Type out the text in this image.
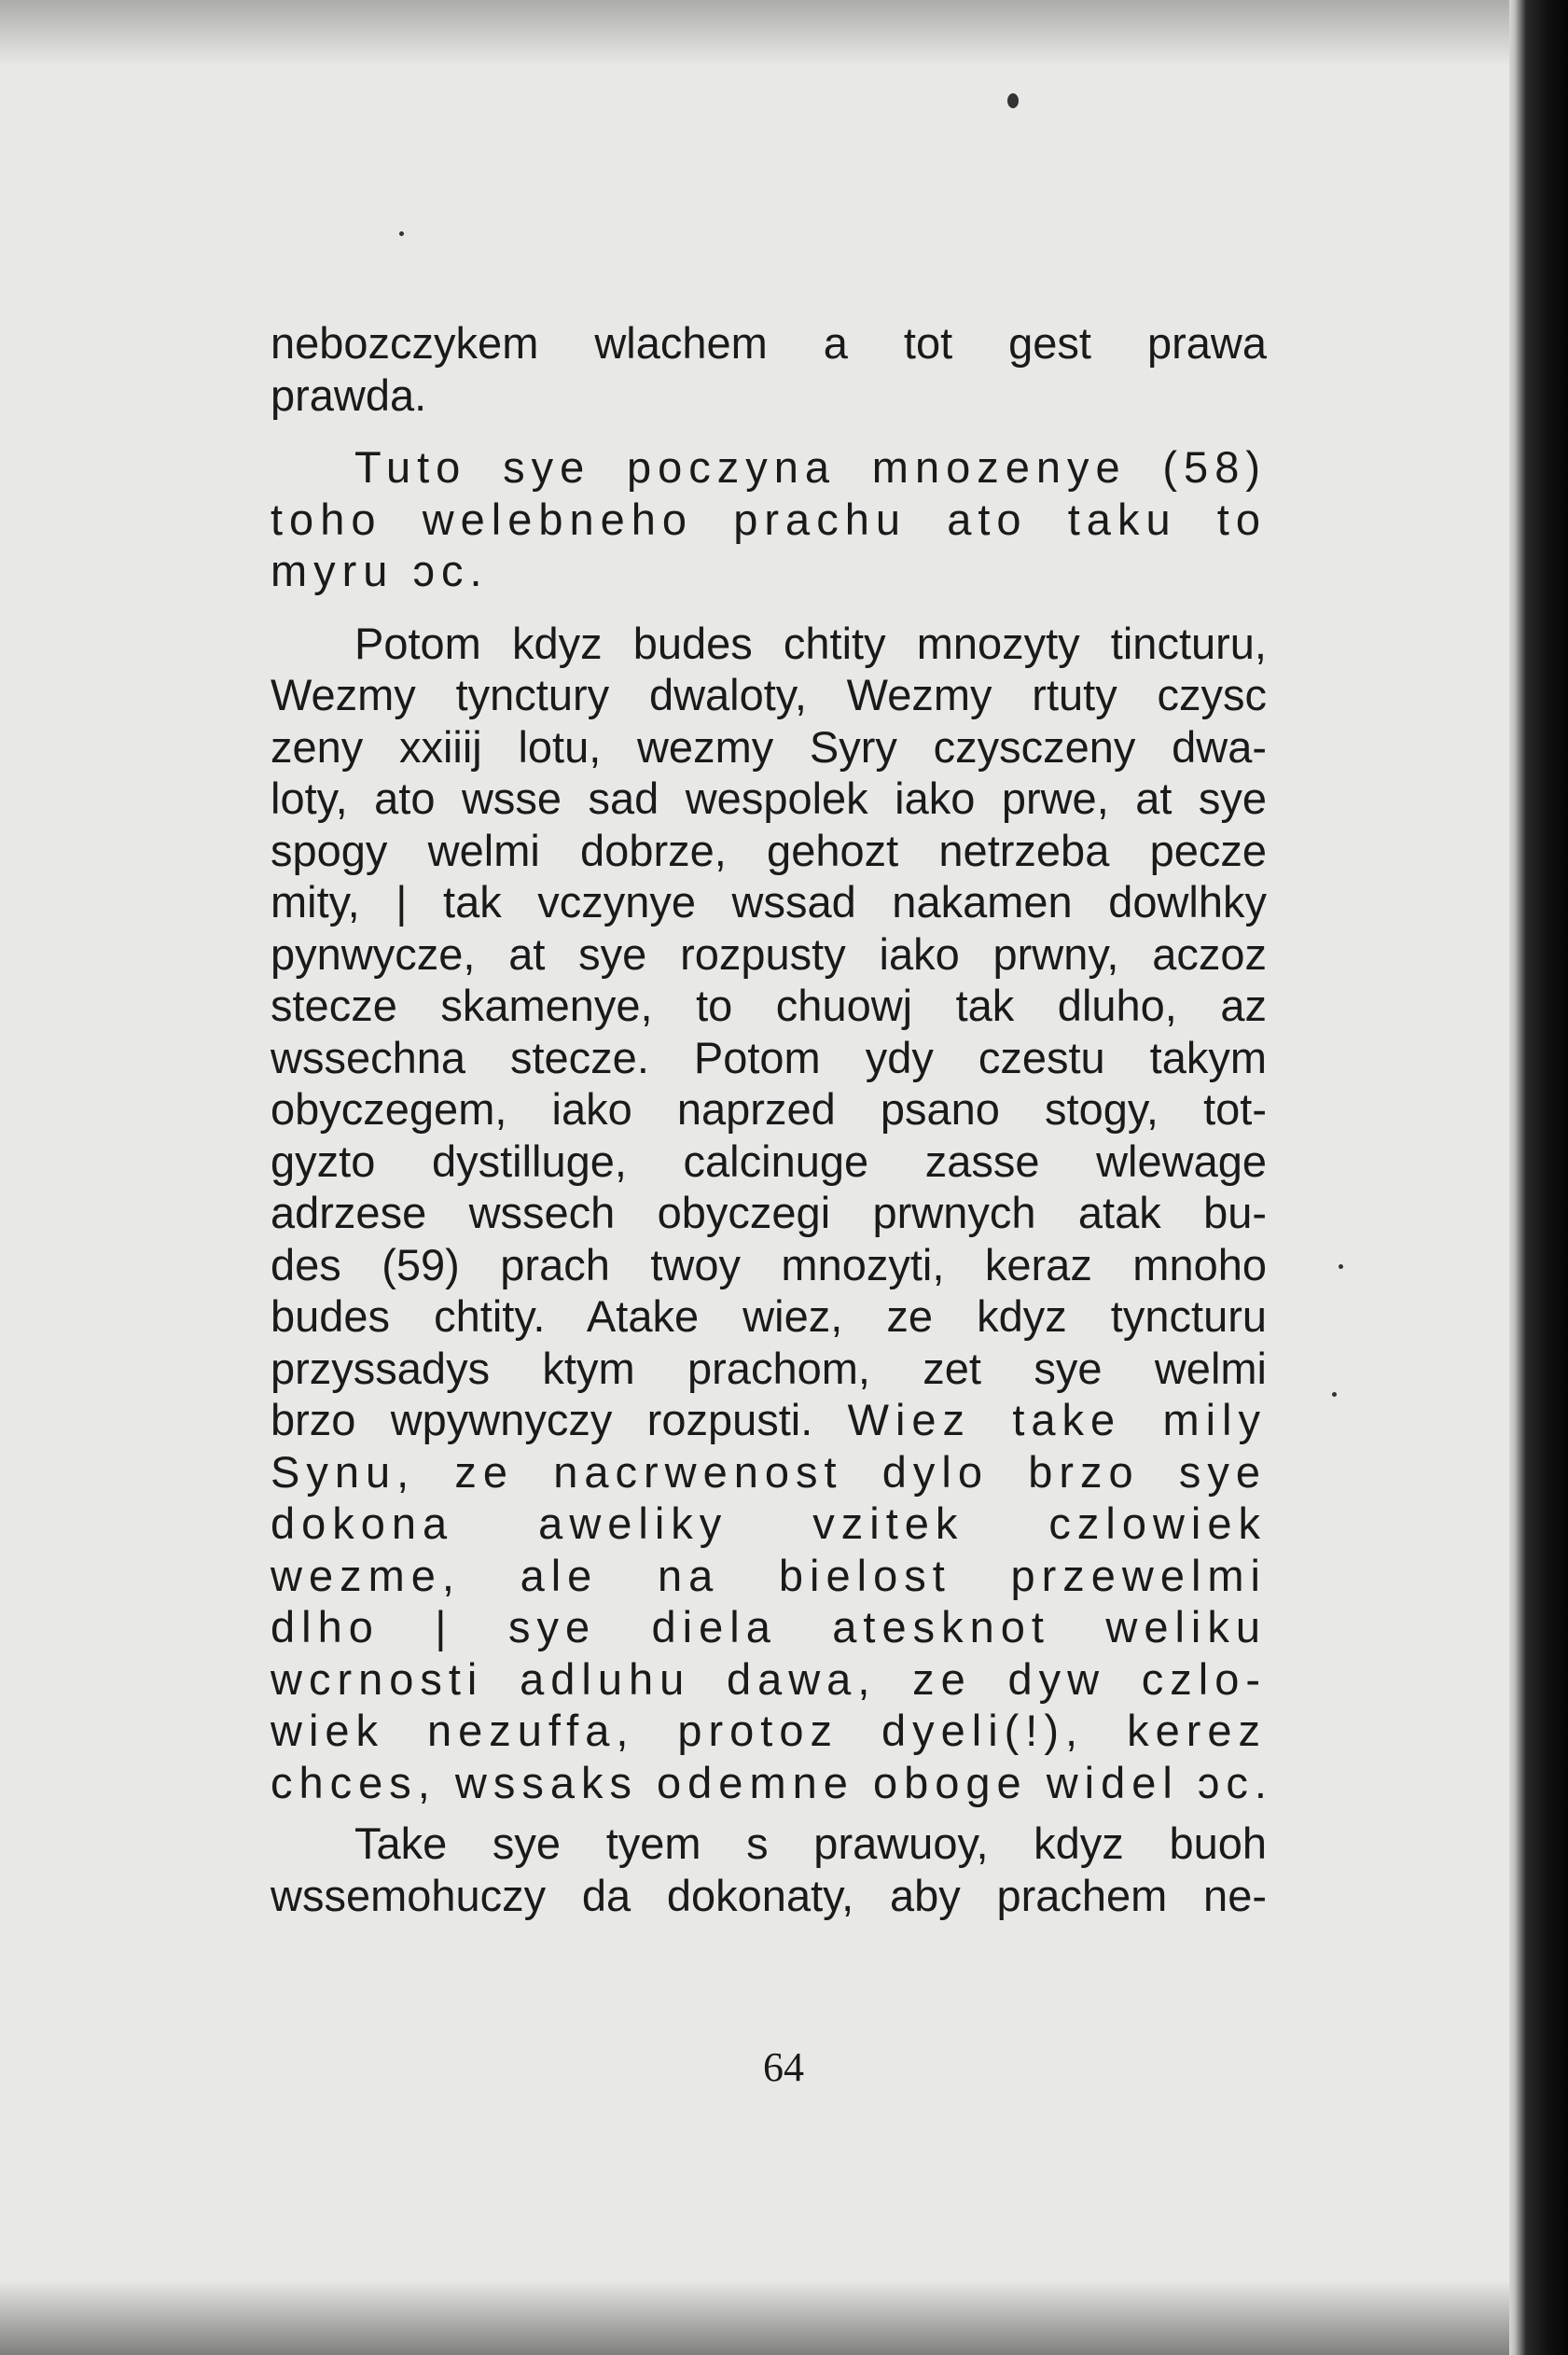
nebozczykem wlachem a tot gest prawa
prawda.

Tuto sye poczyna mnozenye (58)
toho welebneho prachu ato taku to
myru ɔc.

Potom kdyz budes chtity mnozyty tincturu,
Wezmy tynctury dwaloty, Wezmy rtuty czysc
zeny xxiiij lotu, wezmy Syry czysczeny dwa-
loty, ato wsse sad wespolek iako prwe, at sye
spogy welmi dobrze, gehozt netrzeba pecze
mity, | tak vczynye wssad nakamen dowlhky
pynwycze, at sye rozpusty iako prwny, aczoz
stecze skamenye, to chuowj tak dluho, az
wssechna stecze. Potom ydy czestu takym
obyczegem, iako naprzed psano stogy, tot-
gyzto dystilluge, calcinuge zasse wlewage
adrzese wssech obyczegi prwnych atak bu-
des (59) prach twoy mnozyti, keraz mnoho
budes chtity. Atake wiez, ze kdyz tyncturu
przyssadys ktym prachom, zet sye welmi
brzo wpywnyczy rozpusti. Wiez take mily
Synu, ze nacrwenost dylo brzo sye
dokona aweliky vzitek czlowiek
wezme, ale na bielost przewelmi
dlho | sye diela atesknot weliku
wcrnosti adluhu dawa, ze dyw czlo-
wiek nezuffa, protoz dyeli(!), kerez
chces, wssaks odemne oboge widel ɔc.

Take sye tyem s prawuoy, kdyz buoh
wssemohuczy da dokonaty, aby prachem ne-

64
